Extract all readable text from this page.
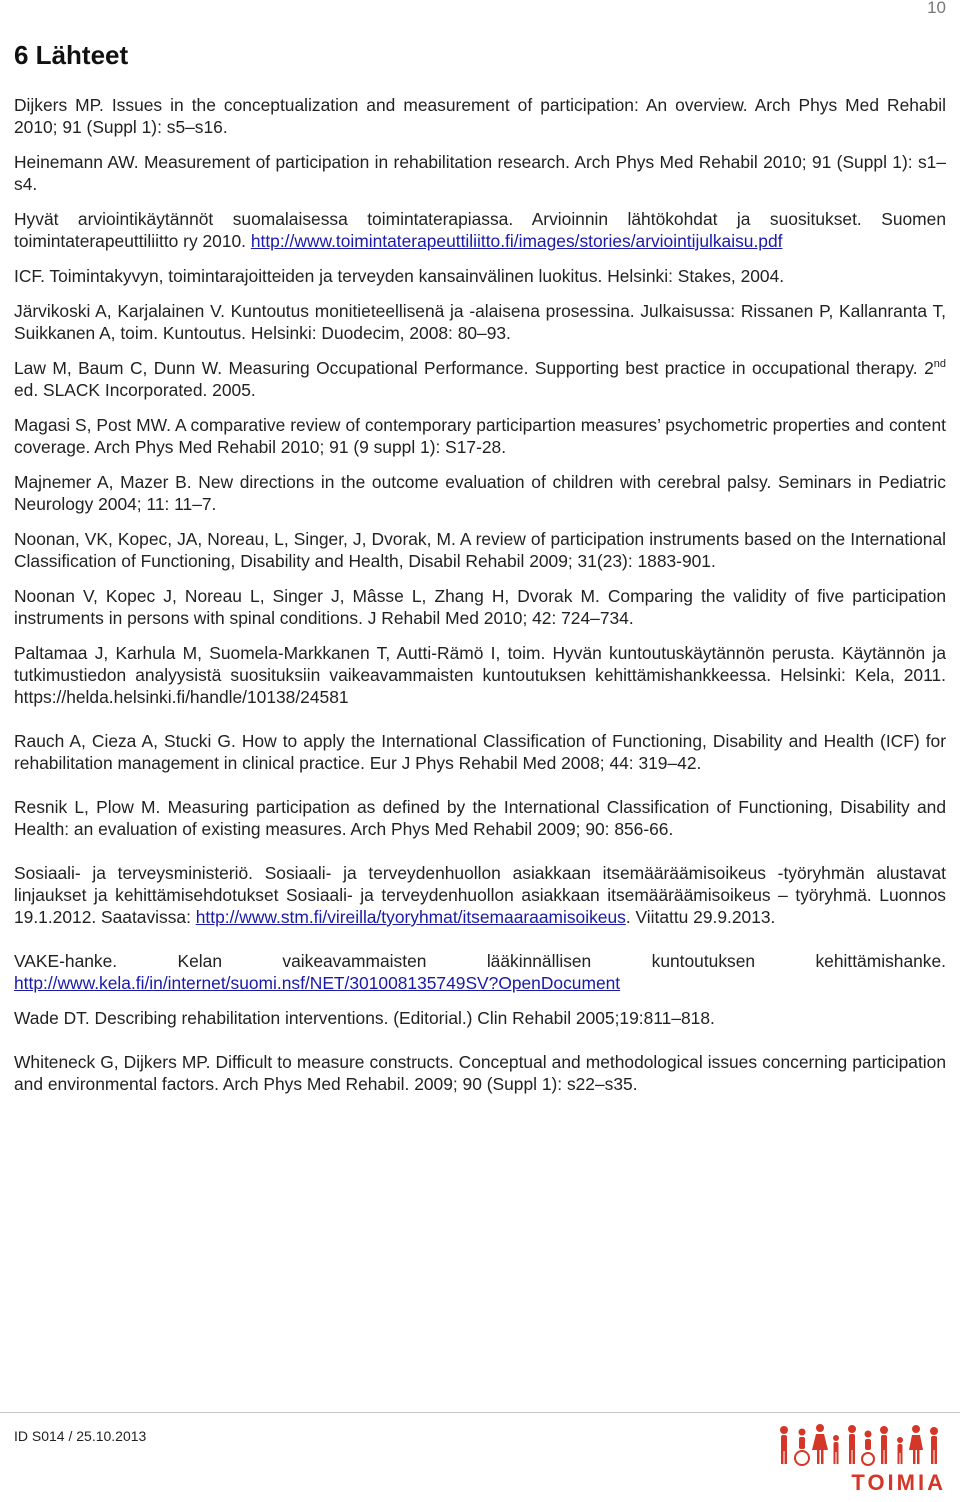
10
6 Lähteet

Dijkers MP. Issues in the conceptualization and measurement of participation: An overview. Arch Phys Med Rehabil 2010; 91 (Suppl 1): s5–s16.

Heinemann AW. Measurement of participation in rehabilitation research. Arch Phys Med Rehabil 2010; 91 (Suppl 1): s1–s4.

Hyvät arviointikäytännöt suomalaisessa toimintaterapiassa. Arvioinnin lähtökohdat ja suositukset. Suomen toimintaterapeuttiliitto ry 2010. http://www.toimintaterapeuttiliitto.fi/images/stories/arviointijulkaisu.pdf

ICF. Toimintakyvyn, toimintarajoitteiden ja terveyden kansainvälinen luokitus. Helsinki: Stakes, 2004.

Järvikoski A, Karjalainen V. Kuntoutus monitieteellisenä ja -alaisena prosessina. Julkaisussa: Rissanen P, Kallanranta T, Suikkanen A, toim. Kuntoutus. Helsinki: Duodecim, 2008: 80–93.

Law M, Baum C, Dunn W. Measuring Occupational Performance. Supporting best practice in occupational therapy. 2nd ed. SLACK Incorporated. 2005.

Magasi S, Post MW. A comparative review of contemporary participartion measures’ psychometric properties and content coverage. Arch Phys Med Rehabil 2010; 91 (9 suppl 1): S17-28.

Majnemer A, Mazer B. New directions in the outcome evaluation of children with cerebral palsy. Seminars in Pediatric Neurology 2004; 11: 11–7.

Noonan, VK, Kopec, JA, Noreau, L, Singer, J, Dvorak, M. A review of participation instruments based on the International Classification of Functioning, Disability and Health, Disabil Rehabil 2009; 31(23): 1883-901.

Noonan V, Kopec J, Noreau L, Singer J, Mâsse L, Zhang H, Dvorak M. Comparing the validity of five participation instruments in persons with spinal conditions. J Rehabil Med 2010; 42: 724–734.

Paltamaa J, Karhula M, Suomela-Markkanen T, Autti-Rämö I, toim. Hyvän kuntoutuskäytännön perusta. Käytännön ja tutkimustiedon analyysistä suosituksiin vaikeavammaisten kuntoutuksen kehittämishankkeessa. Helsinki: Kela, 2011. https://helda.helsinki.fi/handle/10138/24581

Rauch A, Cieza A, Stucki G. How to apply the International Classification of Functioning, Disability and Health (ICF) for rehabilitation management in clinical practice. Eur J Phys Rehabil Med 2008; 44: 319–42.

Resnik L, Plow M. Measuring participation as defined by the International Classification of Functioning, Disability and Health: an evaluation of existing measures. Arch Phys Med Rehabil 2009; 90: 856-66.

Sosiaali- ja terveysministeriö. Sosiaali- ja terveydenhuollon asiakkaan itsemääräämisoikeus -työryhmän alustavat linjaukset ja kehittämisehdotukset Sosiaali- ja terveydenhuollon asiakkaan itsemääräämisoikeus – työryhmä. Luonnos 19.1.2012. Saatavissa: http://www.stm.fi/vireilla/tyoryhmat/itsemaaraamisoikeus. Viitattu 29.9.2013.

VAKE-hanke. Kelan vaikeavammaisten lääkinnällisen kuntoutuksen kehittämishanke. http://www.kela.fi/in/internet/suomi.nsf/NET/301008135749SV?OpenDocument

Wade DT. Describing rehabilitation interventions. (Editorial.) Clin Rehabil 2005;19:811–818.

Whiteneck G, Dijkers MP. Difficult to measure constructs. Conceptual and methodological issues concerning participation and environmental factors. Arch Phys Med Rehabil. 2009; 90 (Suppl 1): s22–s35.

ID S014 / 25.10.2013
TOIMIA
